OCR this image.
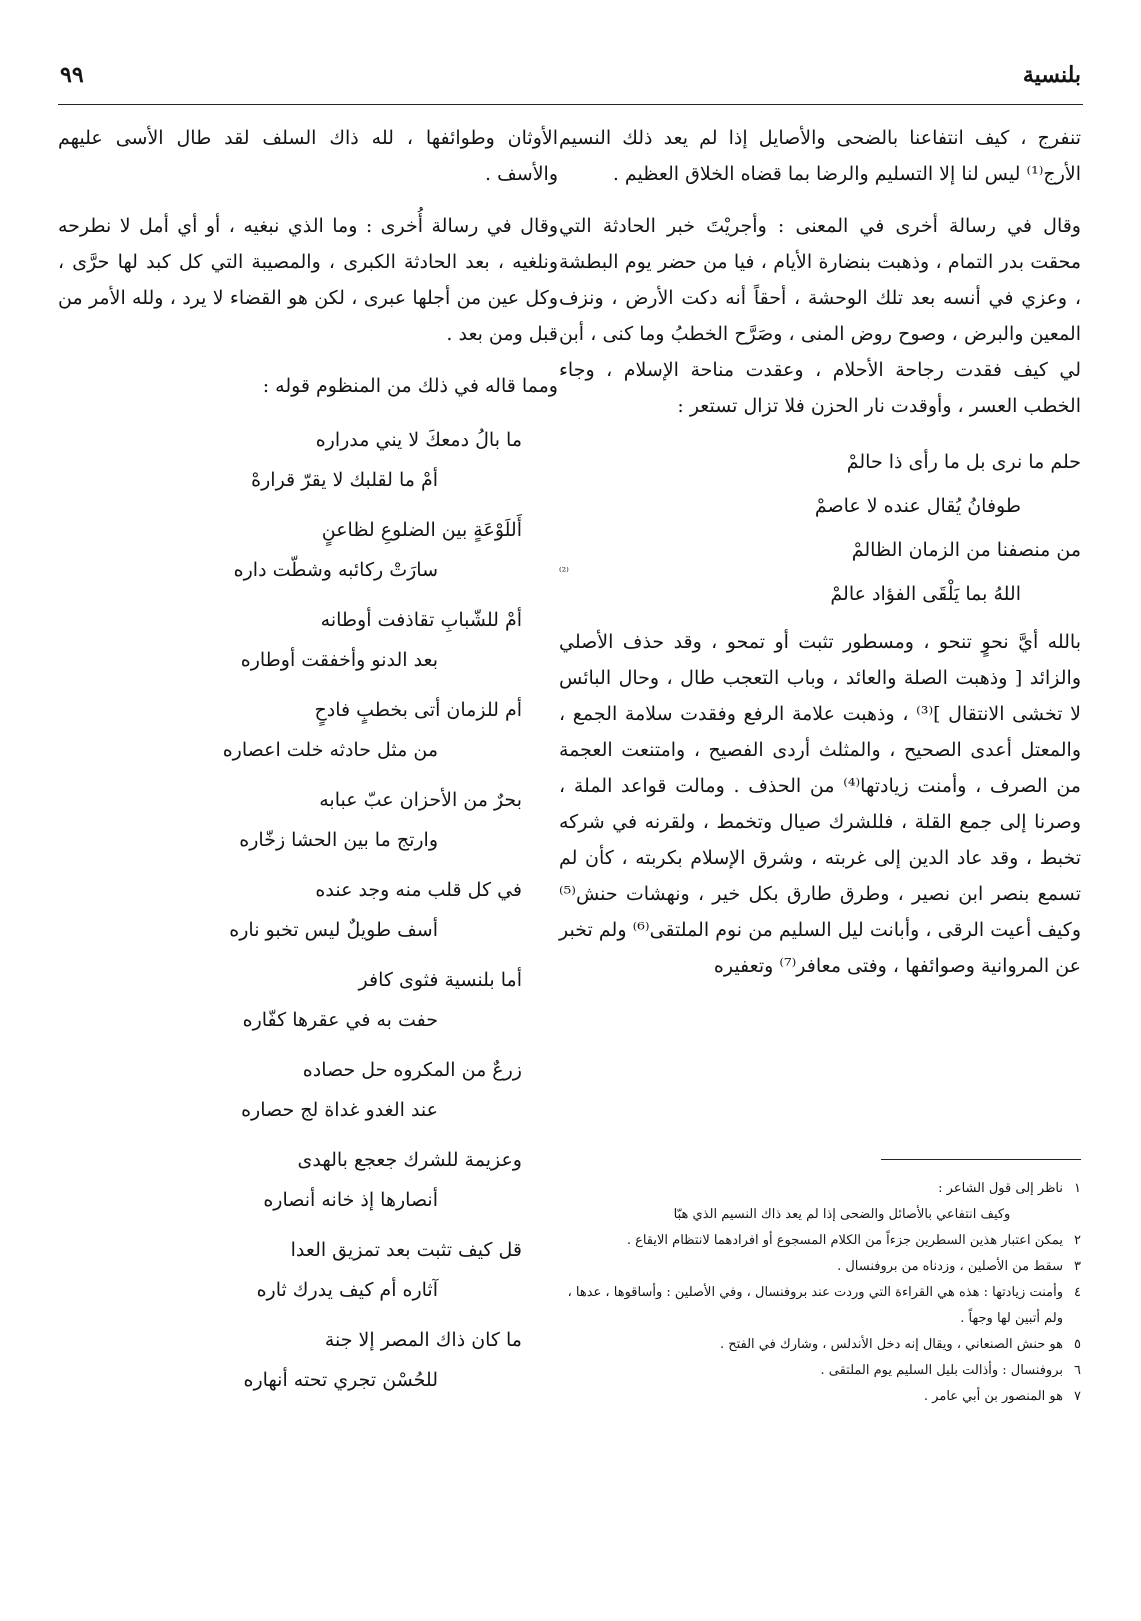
بلنسية
٩٩

تنفرج ، كيف انتفاعنا بالضحى والأصايل إذا لم يعد ذلك النسيم الأرج⁽¹⁾ ليس لنا إلا التسليم والرضا بما قضاه الخلاق العظيم .

وقال في رسالة أخرى في المعنى : وأجريْتَ خبر الحادثة التي محقت بدر التمام ، وذهبت بنضارة الأيام ، فيا من حضر يوم البطشة ، وعزي في أنسه بعد تلك الوحشة ، أحقاً أنه دكت الأرض ، ونزف المعين والبرض ، وصوح روض المنى ، وصَرَّح الخطبُ وما كنى ، أبن لي كيف فقدت رجاحة الأحلام ، وعقدت مناحة الإسلام ، وجاء الخطب العسر ، وأوقدت نار الحزن فلا تزال تستعر :

حلم ما نرى بل ما رأى ذا حالمْ
طوفانُ يُقال عنده لا عاصمْ
من منصفنا من الزمان الظالمْ
اللهُ بما يَلْقَى الفؤاد عالمْ
⁽²⁾

بالله أيَّ نحوٍ تنحو ، ومسطور تثبت أو تمحو ، وقد حذف الأصلي والزائد [ وذهبت الصلة والعائد ، وباب التعجب طال ، وحال البائس لا تخشى الانتقال ]⁽³⁾ ، وذهبت علامة الرفع وفقدت سلامة الجمع ، والمعتل أعدى الصحيح ، والمثلث أردى الفصيح ، وامتنعت العجمة من الصرف ، وأمنت زيادتها⁽⁴⁾ من الحذف . ومالت قواعد الملة ، وصرنا إلى جمع القلة ، فللشرك صيال وتخمط ، ولقرنه في شركه تخبط ، وقد عاد الدين إلى غربته ، وشرق الإسلام بكربته ، كأن لم تسمع بنصر ابن نصير ، وطرق طارق بكل خير ، ونهشات حنش⁽⁵⁾ وكيف أعيت الرقى ، وأبانت ليل السليم من نوم الملتقى⁽⁶⁾ ولم تخبر عن المروانية وصوائفها ، وفتى معافر⁽⁷⁾ وتعفيره

الأوثان وطوائفها ، لله ذاك السلف لقد طال الأسى عليهم والأسف .

وقال في رسالة أُخرى : وما الذي نبغيه ، أو أي أمل لا نطرحه ونلغيه ، بعد الحادثة الكبرى ، والمصيبة التي كل كبد لها حرَّى ، وكل عين من أجلها عبرى ، لكن هو القضاء لا يرد ، ولله الأمر من قبل ومن بعد .

ومما قاله في ذلك من المنظوم قوله :

ما بالُ دمعكَ لا يني مدراره
أمْ ما لقلبك لا يقرّ قرارهْ
أَللَوْعَةٍ بين الضلوعِ لظاعنٍ
سارَتْ ركائبه وشطّت داره
أمْ للشّبابِ تقاذفت أوطانه
بعد الدنو وأخفقت أوطاره
أم للزمان أتى بخطبٍ فادحٍ
من مثل حادثه خلت اعصاره
بحرٌ من الأحزان عبّ عبابه
وارتج ما بين الحشا زخّاره
في كل قلب منه وجد عنده
أسف طويلٌ ليس تخبو ناره
أما بلنسية فثوى كافر
حفت به في عقرها كفّاره
زرعٌ من المكروه حل حصاده
عند الغدو غداة لج حصاره
وعزيمة للشرك جعجع بالهدى
أنصارها إذ خانه أنصاره
قل كيف تثبت بعد تمزيق العدا
آثاره أم كيف يدرك ثاره
ما كان ذاك المصر إلا جنة
للحُسْن تجري تحته أنهاره
١
ناظر إلى قول الشاعر :
وكيف انتفاعي بالأصائل والضحى إذا لم يعد ذاك النسيم الذي هبّا
٢
يمكن اعتبار هذين السطرين جزءاً من الكلام المسجوع أو افرادهما لانتظام الايقاع .
٣
سقط من الأصلين ، وزدناه من بروفنسال .
٤
وأمنت زيادتها : هذه هي القراءة التي وردت عند بروفنسال ، وفي الأصلين : وأساقوها ، عدها ، ولم أتبين لها وجهاً .
٥
هو حنش الصنعاني ، ويقال إنه دخل الأندلس ، وشارك في الفتح .
٦
بروفنسال : وأذالت بليل السليم يوم الملتقى .
٧
هو المنصور بن أبي عامر .
